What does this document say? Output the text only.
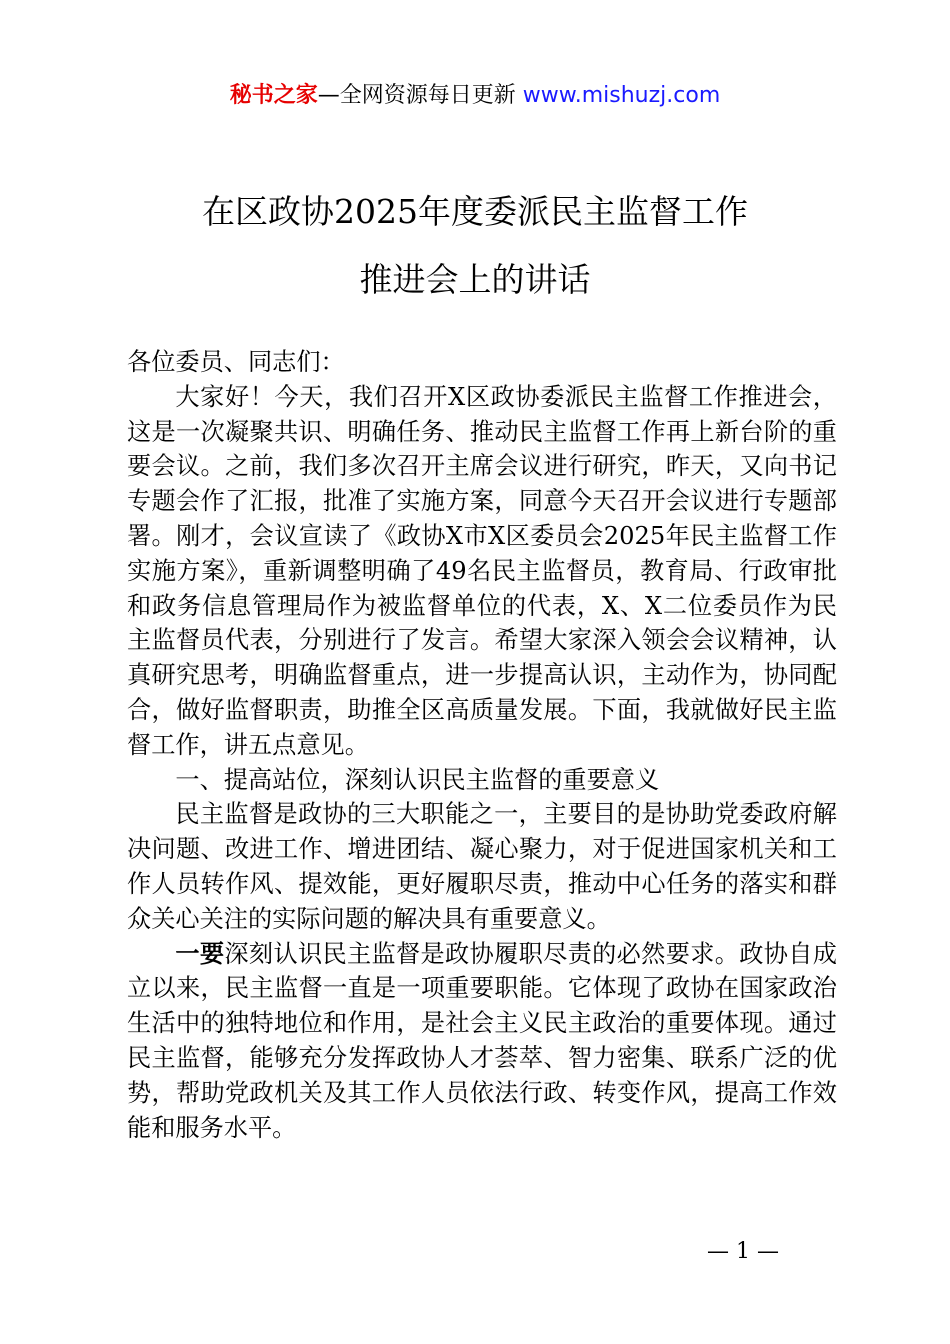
秘书之家—全网资源每日更新 www.mishuzj.com
在区政协2025年度委派民主监督工作
推进会上的讲话

各位委员、同志们：

大家好！今天，我们召开X区政协委派民主监督工作推进会，这是一次凝聚共识、明确任务、推动民主监督工作再上新台阶的重要会议。之前，我们多次召开主席会议进行研究，昨天，又向书记专题会作了汇报，批准了实施方案，同意今天召开会议进行专题部署。刚才，会议宣读了《政协X市X区委员会2025年民主监督工作实施方案》，重新调整明确了49名民主监督员，教育局、行政审批和政务信息管理局作为被监督单位的代表，X、X二位委员作为民主监督员代表，分别进行了发言。希望大家深入领会会议精神，认真研究思考，明确监督重点，进一步提高认识，主动作为，协同配合，做好监督职责，助推全区高质量发展。下面，我就做好民主监督工作，讲五点意见。

一、提高站位，深刻认识民主监督的重要意义

民主监督是政协的三大职能之一，主要目的是协助党委政府解决问题、改进工作、增进团结、凝心聚力，对于促进国家机关和工作人员转作风、提效能，更好履职尽责，推动中心任务的落实和群众关心关注的实际问题的解决具有重要意义。

一要深刻认识民主监督是政协履职尽责的必然要求。政协自成立以来，民主监督一直是一项重要职能。它体现了政协在国家政治生活中的独特地位和作用，是社会主义民主政治的重要体现。通过民主监督，能够充分发挥政协人才荟萃、智力密集、联系广泛的优势，帮助党政机关及其工作人员依法行政、转变作风，提高工作效能和服务水平。

— 1 —
